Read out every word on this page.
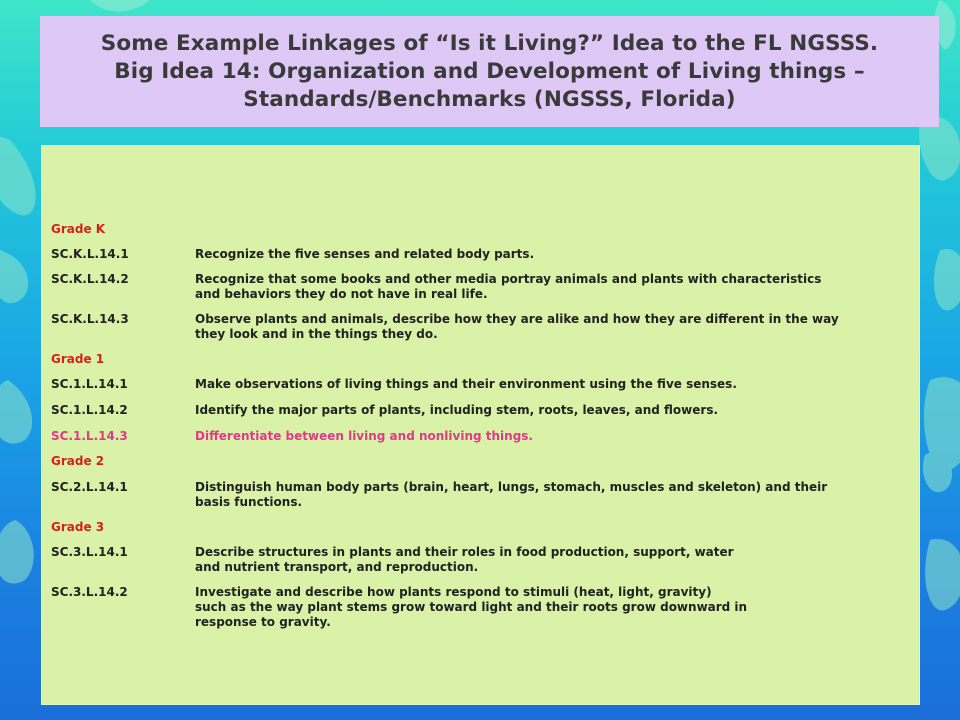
Some Example Linkages of “Is it Living?” Idea to the FL NGSSS.
Big Idea 14: Organization and Development of Living things –
Standards/Benchmarks (NGSSS, Florida)
Grade K
SC.K.L.14.1	Recognize the five senses and related body parts.
SC.K.L.14.2	Recognize that some books and other media portray animals and plants with characteristics
and behaviors they do not have in real life.
SC.K.L.14.3	Observe plants and animals, describe how they are alike and how they are different in the way
they look and in the things they do.
Grade 1
SC.1.L.14.1	Make observations of living things and their environment using the five senses.
SC.1.L.14.2	Identify the major parts of plants, including stem, roots, leaves, and flowers.
SC.1.L.14.3	Differentiate between living and nonliving things.
Grade 2
SC.2.L.14.1	Distinguish human body parts (brain, heart, lungs, stomach, muscles and skeleton) and their
basis functions.
Grade 3
SC.3.L.14.1	Describe structures in plants and their roles in food production, support, water
and nutrient transport, and reproduction.
SC.3.L.14.2	Investigate and describe how plants respond to stimuli (heat, light, gravity)
such as the way plant stems grow toward light and their roots grow downward in
response to gravity.
